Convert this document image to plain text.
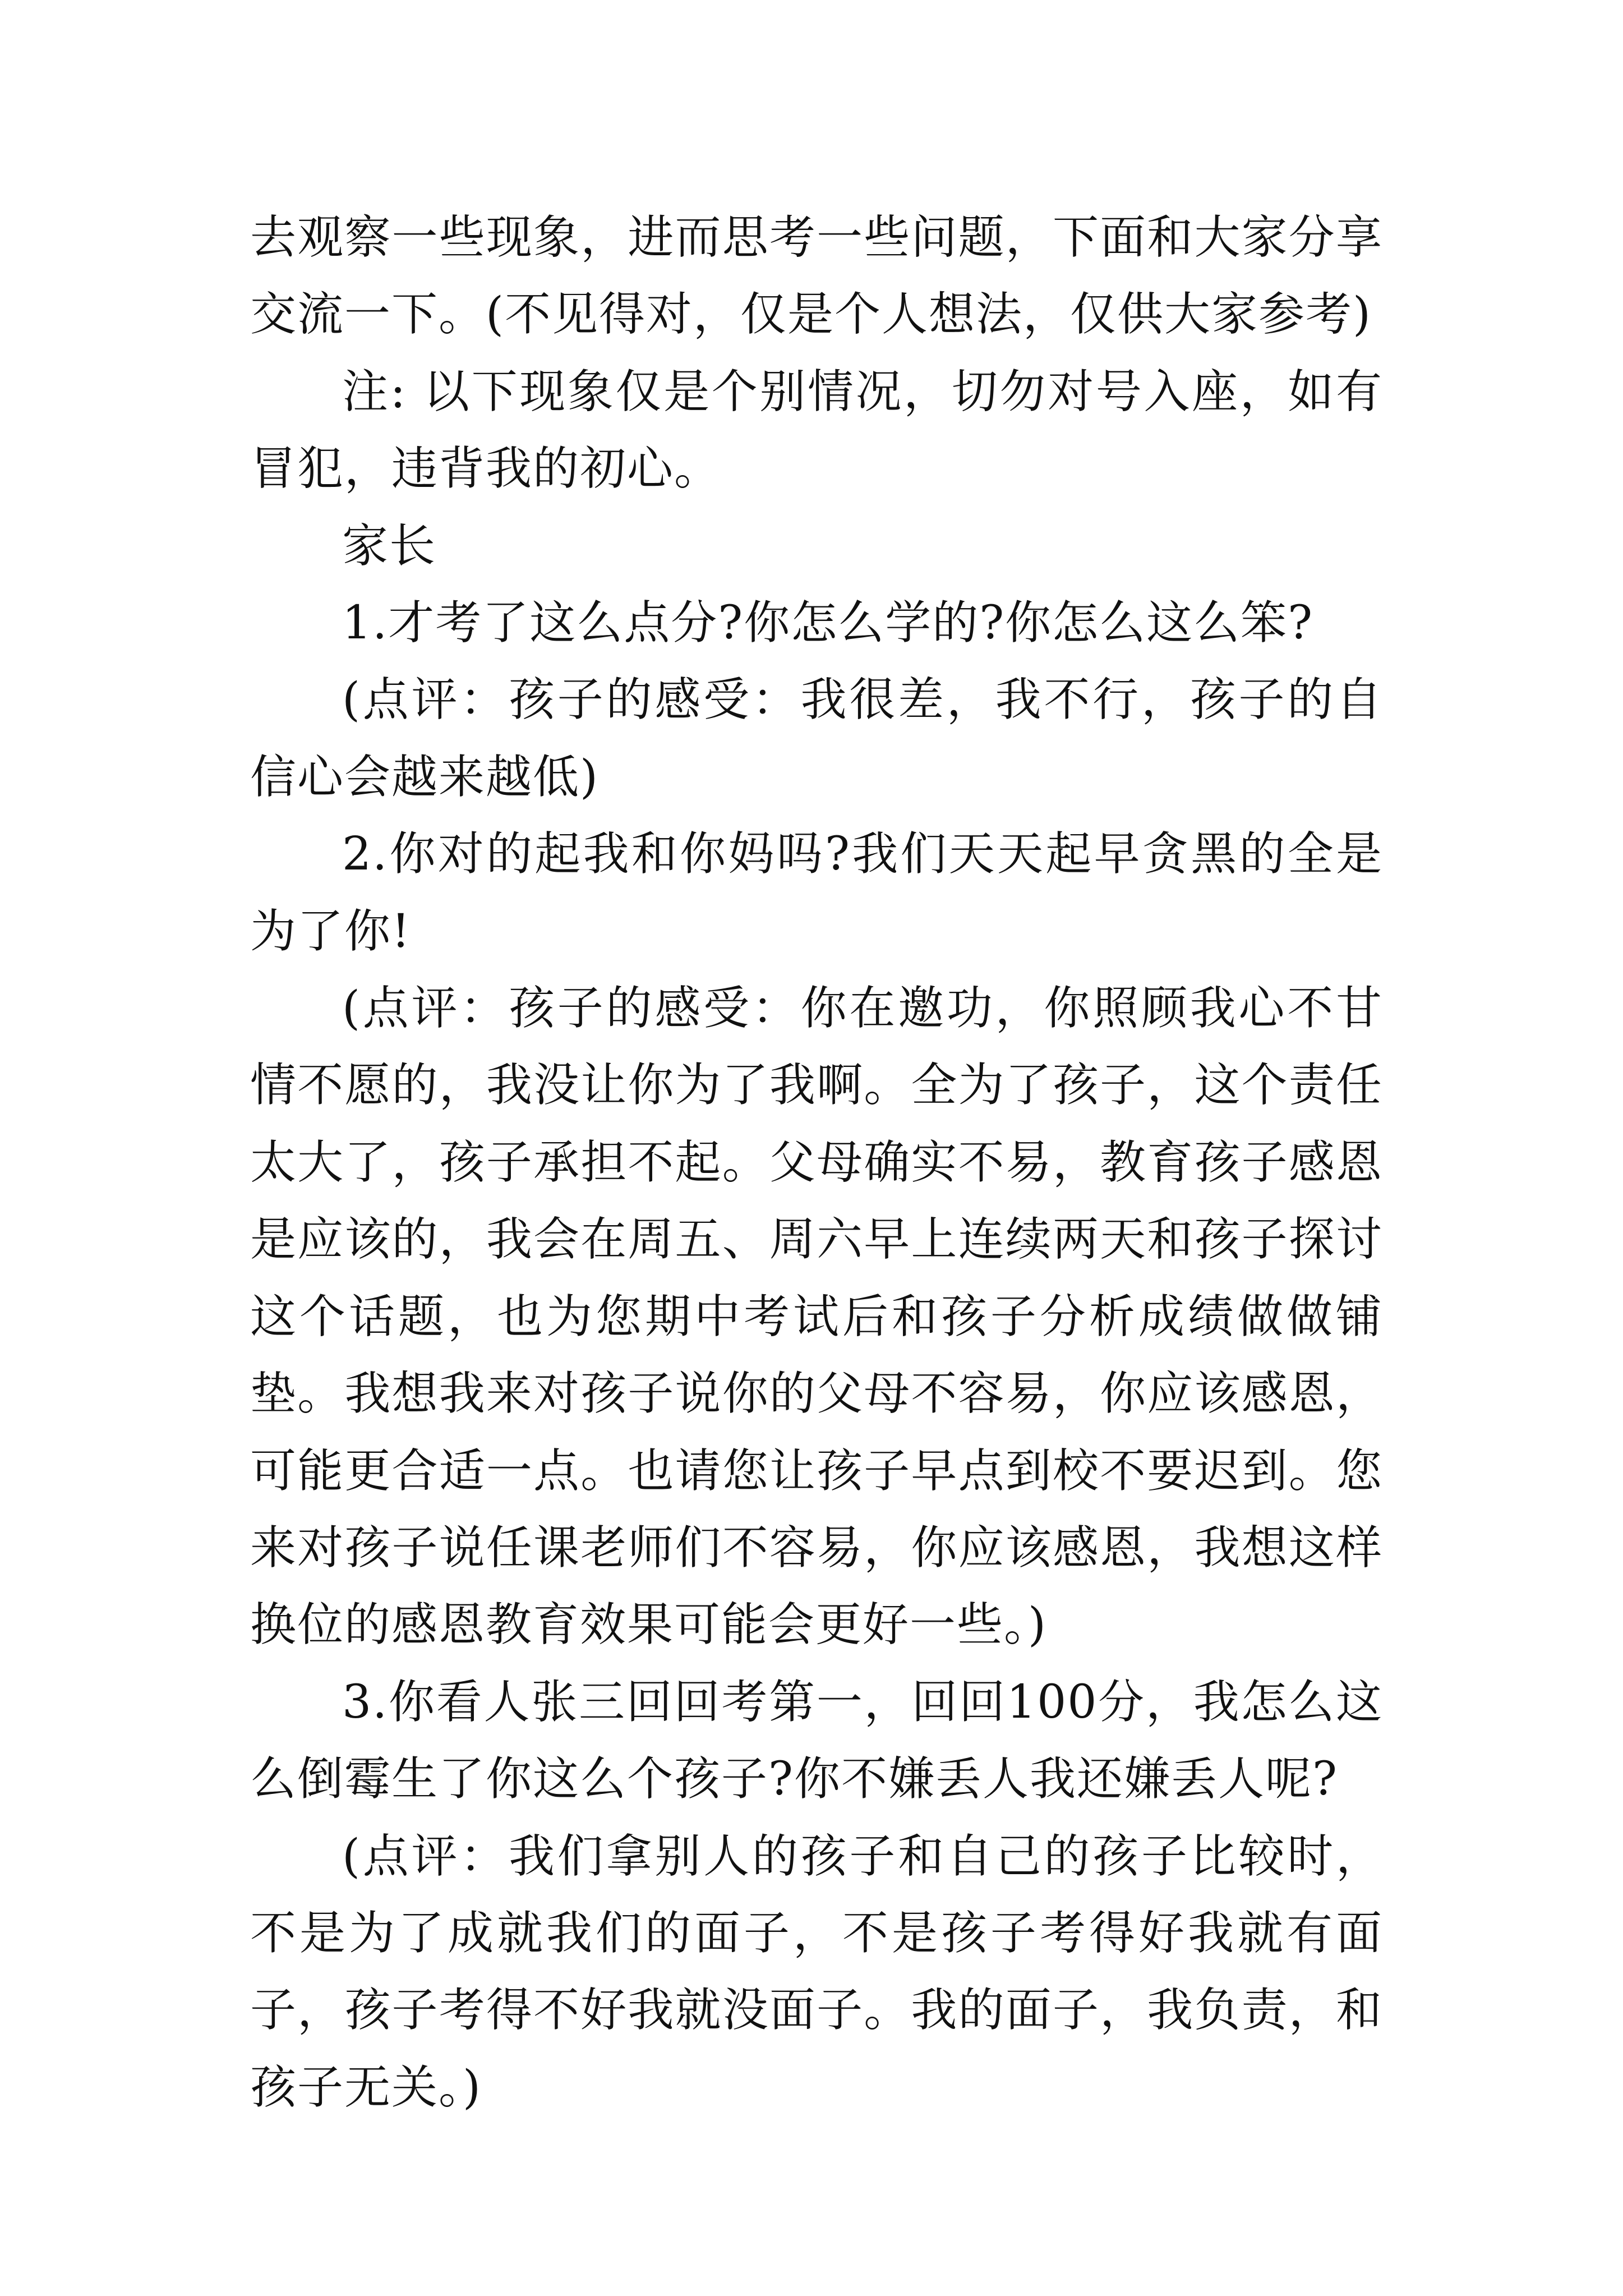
去观察一些现象，进而思考一些问题，下面和大家分享交流一下。(不见得对，仅是个人想法，仅供大家参考)

注: 以下现象仅是个别情况，切勿对号入座，如有冒犯，违背我的初心。

家长

1.才考了这么点分?你怎么学的?你怎么这么笨?

(点评：孩子的感受：我很差，我不行，孩子的自信心会越来越低)

2.你对的起我和你妈吗?我们天天起早贪黑的全是为了你!

(点评：孩子的感受：你在邀功，你照顾我心不甘情不愿的，我没让你为了我啊。全为了孩子，这个责任太大了，孩子承担不起。父母确实不易，教育孩子感恩是应该的，我会在周五、周六早上连续两天和孩子探讨这个话题，也为您期中考试后和孩子分析成绩做做铺垫。我想我来对孩子说你的父母不容易，你应该感恩，可能更合适一点。也请您让孩子早点到校不要迟到。您来对孩子说任课老师们不容易，你应该感恩，我想这样换位的感恩教育效果可能会更好一些。)

3.你看人张三回回考第一，回回100分，我怎么这么倒霉生了你这么个孩子?你不嫌丢人我还嫌丢人呢?

(点评：我们拿别人的孩子和自己的孩子比较时，不是为了成就我们的面子，不是孩子考得好我就有面子，孩子考得不好我就没面子。我的面子，我负责，和孩子无关。)
